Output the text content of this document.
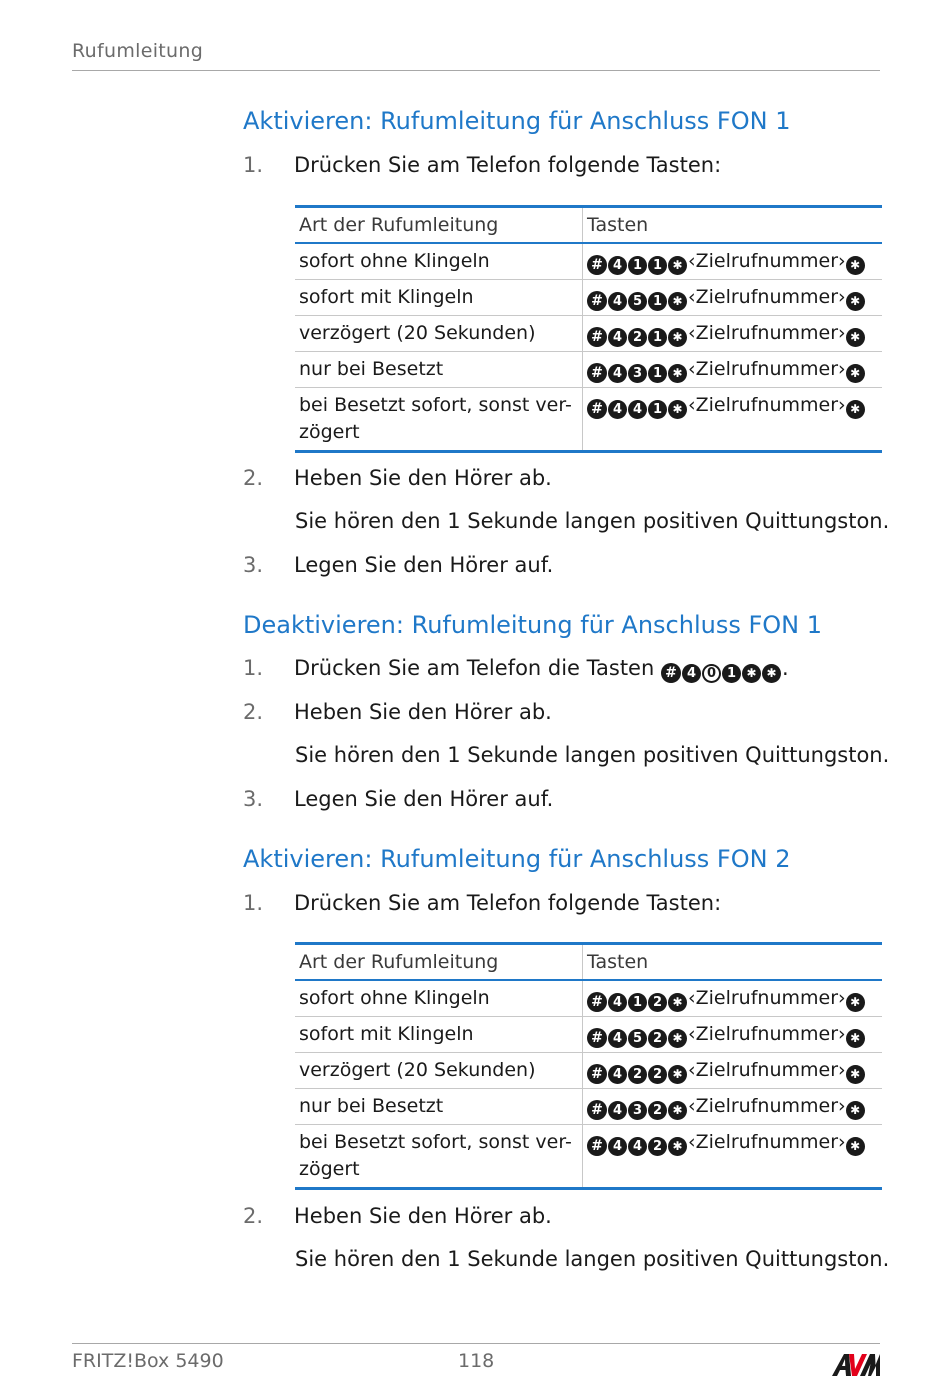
Rufumleitung
Aktivieren: Rufumleitung für Anschluss FON 1
1. Drücken Sie am Telefon folgende Tasten:
Art der Rufumleitung	Tasten
sofort ohne Klingeln	# 4 1 1 ✱ ‹Zielrufnummer› ✱
sofort mit Klingeln	# 4 5 1 ✱ ‹Zielrufnummer› ✱
verzögert (20 Sekunden)	# 4 2 1 ✱ ‹Zielrufnummer› ✱
nur bei Besetzt	# 4 3 1 ✱ ‹Zielrufnummer› ✱
bei Besetzt sofort, sonst ver-
zögert	# 4 4 1 ✱ ‹Zielrufnummer› ✱
2. Heben Sie den Hörer ab.
Sie hören den 1 Sekunde langen positiven Quittungston.
3. Legen Sie den Hörer auf.
Deaktivieren: Rufumleitung für Anschluss FON 1
1. Drücken Sie am Telefon die Tasten # 4 0 1 ✱ ✱ .
2. Heben Sie den Hörer ab.
Sie hören den 1 Sekunde langen positiven Quittungston.
3. Legen Sie den Hörer auf.
Aktivieren: Rufumleitung für Anschluss FON 2
1. Drücken Sie am Telefon folgende Tasten:
Art der Rufumleitung	Tasten
sofort ohne Klingeln	# 4 1 2 ✱ ‹Zielrufnummer› ✱
sofort mit Klingeln	# 4 5 2 ✱ ‹Zielrufnummer› ✱
verzögert (20 Sekunden)	# 4 2 2 ✱ ‹Zielrufnummer› ✱
nur bei Besetzt	# 4 3 2 ✱ ‹Zielrufnummer› ✱
bei Besetzt sofort, sonst ver-
zögert	# 4 4 2 ✱ ‹Zielrufnummer› ✱
2. Heben Sie den Hörer ab.
Sie hören den 1 Sekunde langen positiven Quittungston.
FRITZ!Box 5490	118
